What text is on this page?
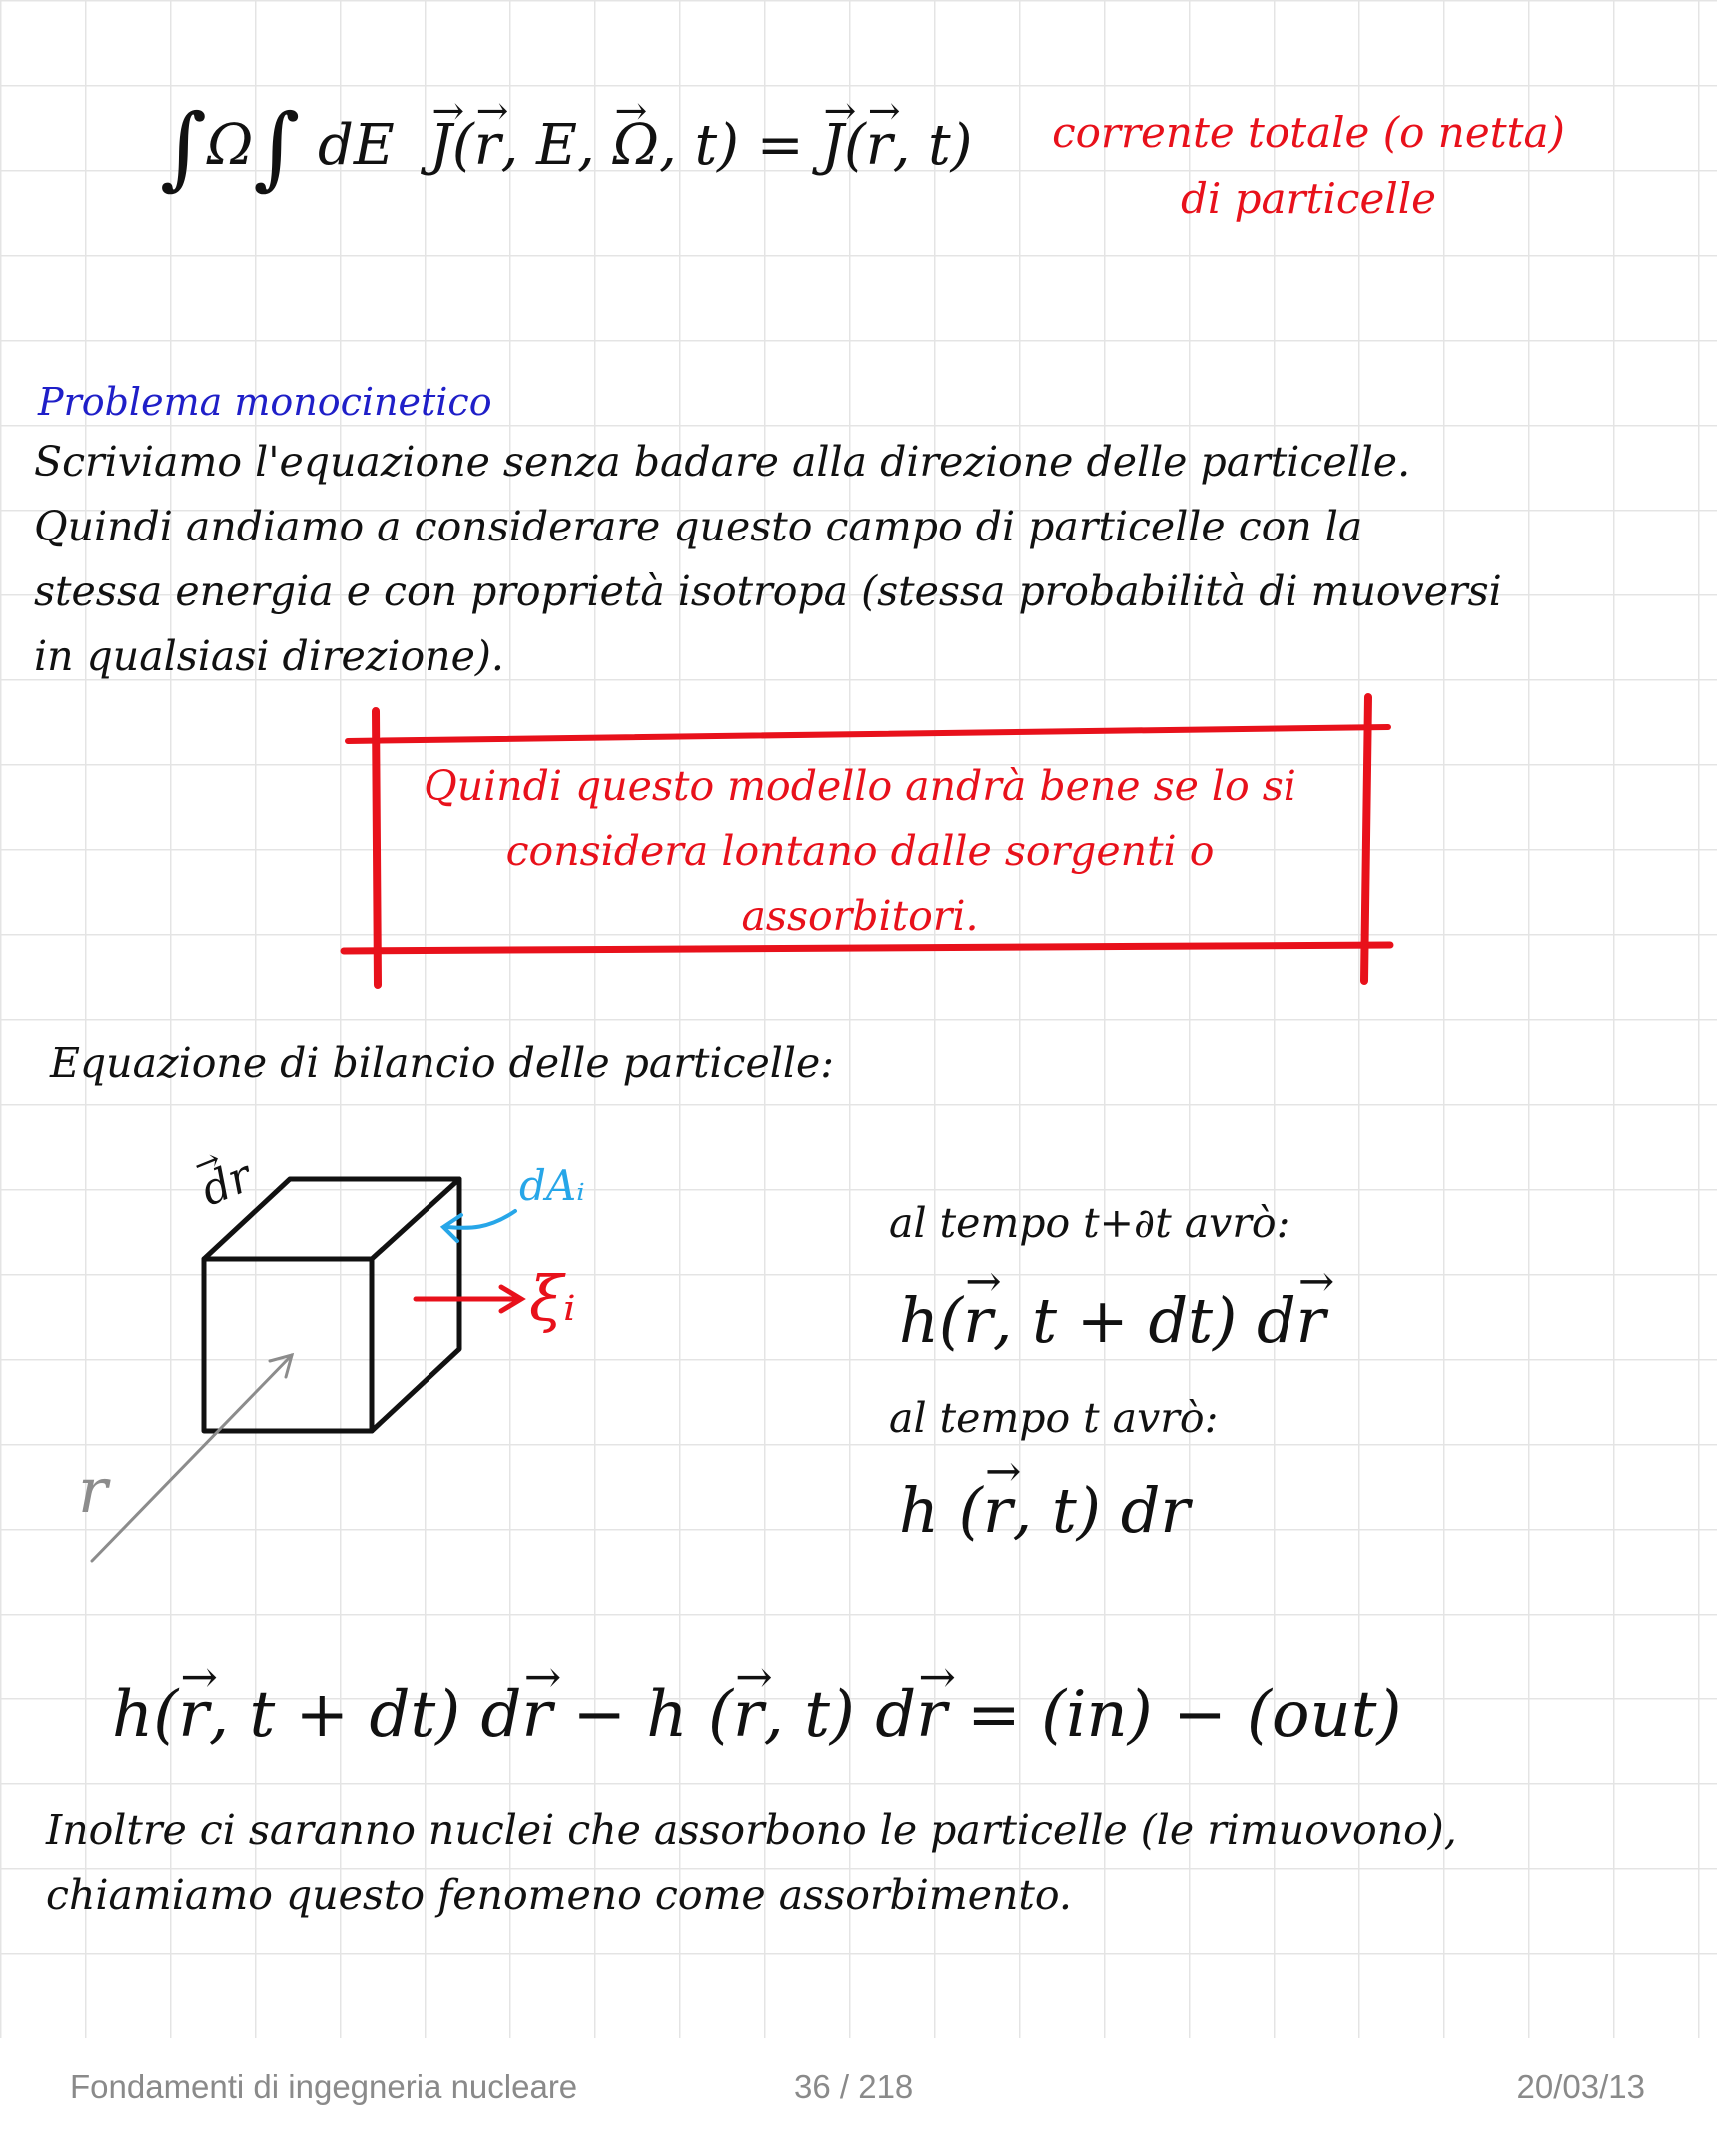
∫Ω∫ dE  → J(→ r, E, → Ω, t) = → J(→ r, t)	corrente totale (o netta)
di particelle
Problema monocinetico
Scriviamo l'equazione senza badare alla direzione delle particelle.
Quindi andiamo a considerare questo campo di particelle con la
stessa energia e con proprietà isotropa (stessa probabilità di muoversi
in qualsiasi direzione).
Quindi questo modello andrà bene se lo si
considera lontano dalle sorgenti o
assorbitori.
Equazione di bilancio delle particelle:
→ dr	dAᵢ
ξᵢ
r
al tempo t+∂t avrò:
h(→ r, t + dt) d→ r
al tempo t avrò:
h (→ r, t) dr
h(→ r, t + dt) d→ r − h (→ r, t) d→ r = (in) − (out)
Inoltre ci saranno nuclei che assorbono le particelle (le rimuovono),
chiamiamo questo fenomeno come assorbimento.
Fondamenti di ingegneria nucleare	36 / 218	20/03/13
